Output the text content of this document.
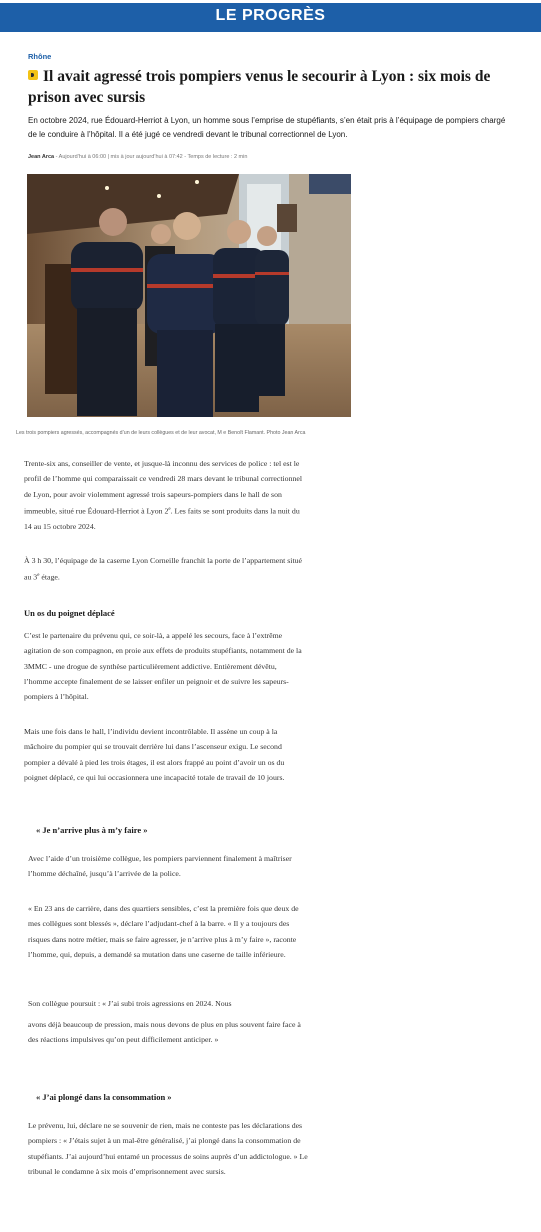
LE PROGRÈS
Rhône
Il avait agressé trois pompiers venus le secourir à Lyon : six mois de prison avec sursis

En octobre 2024, rue Édouard-Herriot à Lyon, un homme sous l’emprise de stupéfiants, s’en était pris à l’équipage de pompiers chargé de le conduire à l’hôpital. Il a été jugé ce vendredi devant le tribunal correctionnel de Lyon.

Jean Arca - Aujourd’hui à 06:00 | mis à jour aujourd’hui à 07:42 - Temps de lecture : 2 min
Les trois pompiers agressés, accompagnés d’un de leurs collègues et de leur avocat, M e Benoît Flamant. Photo Jean Arca

Trente-six ans, conseiller de vente, et jusque-là inconnu des services de police : tel est le profil de l’homme qui comparaissait ce vendredi 28 mars devant le tribunal correctionnel de Lyon, pour avoir violemment agressé trois sapeurs-pompiers dans le hall de son immeuble, situé rue Édouard-Herriot à Lyon 2e. Les faits se sont produits dans la nuit du 14 au 15 octobre 2024.

À 3 h 30, l’équipage de la caserne Lyon Corneille franchit la porte de l’appartement situé au 3e étage.

Un os du poignet déplacé

C’est le partenaire du prévenu qui, ce soir-là, a appelé les secours, face à l’extrême agitation de son compagnon, en proie aux effets de produits stupéfiants, notamment de la 3MMC - une drogue de synthèse particulièrement addictive. Entièrement dévêtu, l’homme accepte finalement de se laisser enfiler un peignoir et de suivre les sapeurs-pompiers à l’hôpital.

Mais une fois dans le hall, l’individu devient incontrôlable. Il assène un coup à la mâchoire du pompier qui se trouvait derrière lui dans l’ascenseur exigu. Le second pompier a dévalé à pied les trois étages, il est alors frappé au point d’avoir un os du poignet déplacé, ce qui lui occasionnera une incapacité totale de travail de 10 jours.

« Je n’arrive plus à m’y faire »

Avec l’aide d’un troisième collègue, les pompiers parviennent finalement à maîtriser l’homme déchaîné, jusqu’à l’arrivée de la police.

« En 23 ans de carrière, dans des quartiers sensibles, c’est la première fois que deux de mes collègues sont blessés », déclare l’adjudant-chef à la barre. « Il y a toujours des risques dans notre métier, mais se faire agresser, je n’arrive plus à m’y faire », raconte l’homme, qui, depuis, a demandé sa mutation dans une caserne de taille inférieure.

Son collègue poursuit : « J’ai subi trois agressions en 2024. Nous

avons déjà beaucoup de pression, mais nous devons de plus en plus souvent faire face à des réactions impulsives qu’on peut difficilement anticiper. »

« J’ai plongé dans la consommation »

Le prévenu, lui, déclare ne se souvenir de rien, mais ne conteste pas les déclarations des pompiers : « J’étais sujet à un mal-être généralisé, j’ai plongé dans la consommation de stupéfiants. J’ai aujourd’hui entamé un processus de soins auprès d’un addictologue. » Le tribunal le condamne à six mois d’emprisonnement avec sursis.
